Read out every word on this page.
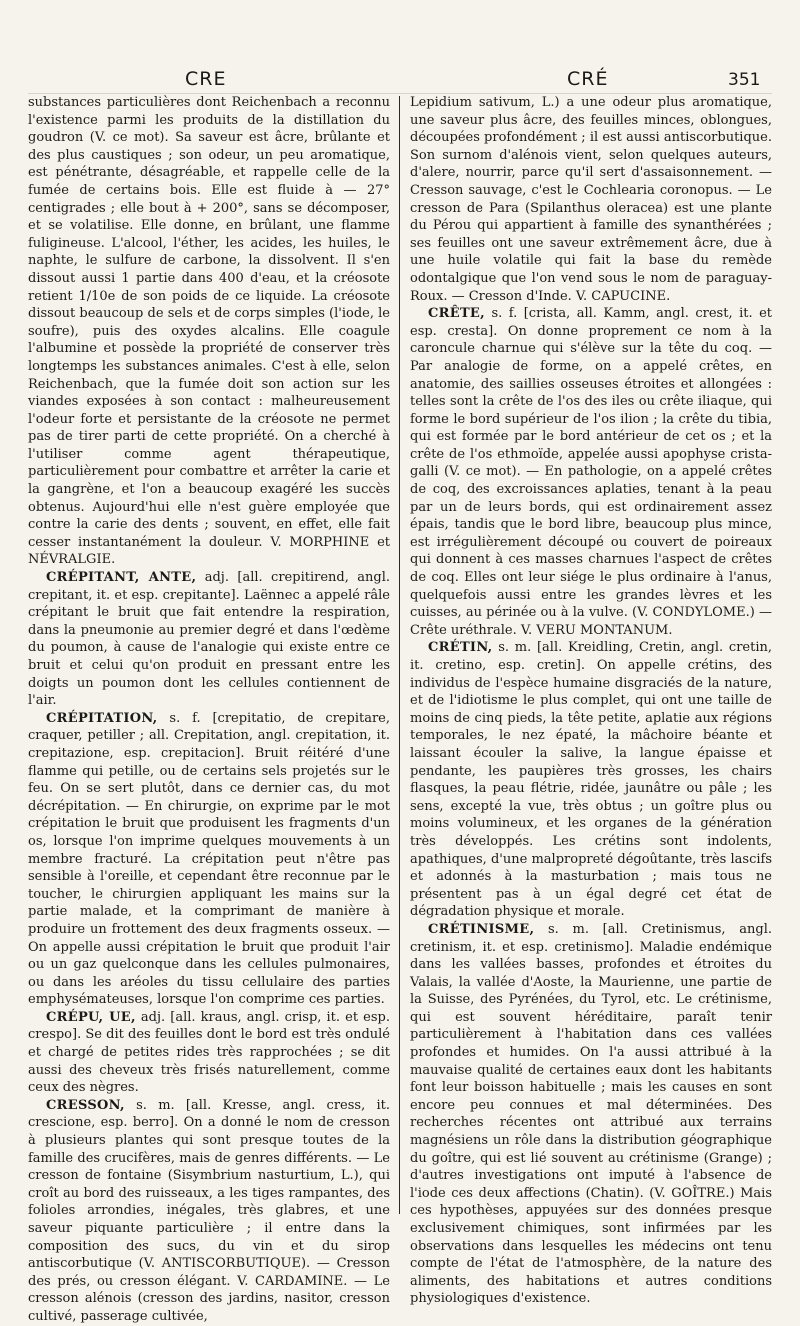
CRE	CRÉ	351

substances particulières dont Reichenbach a reconnu l'existence parmi les produits de la distillation du goudron (V. ce mot). Sa saveur est âcre, brûlante et des plus caustiques ; son odeur, un peu aromatique, est pénétrante, désagréable, et rappelle celle de la fumée de certains bois. Elle est fluide à — 27° centigrades ; elle bout à + 200°, sans se décomposer, et se volatilise. Elle donne, en brûlant, une flamme fuligineuse. L'alcool, l'éther, les acides, les huiles, le naphte, le sulfure de carbone, la dissolvent. Il s'en dissout aussi 1 partie dans 400 d'eau, et la créosote retient 1/10e de son poids de ce liquide. La créosote dissout beaucoup de sels et de corps simples (l'iode, le soufre), puis des oxydes alcalins. Elle coagule l'albumine et possède la propriété de conserver très longtemps les substances animales. C'est à elle, selon Reichenbach, que la fumée doit son action sur les viandes exposées à son contact : malheureusement l'odeur forte et persistante de la créosote ne permet pas de tirer parti de cette propriété. On a cherché à l'utiliser comme agent thérapeutique, particulièrement pour combattre et arrêter la carie et la gangrène, et l'on a beaucoup exagéré les succès obtenus. Aujourd'hui elle n'est guère employée que contre la carie des dents ; souvent, en effet, elle fait cesser instantanément la douleur. V. MORPHINE et NÉVRALGIE.

CRÉPITANT, ANTE, adj. [all. crepitirend, angl. crepitant, it. et esp. crepitante]. Laënnec a appelé râle crépitant le bruit que fait entendre la respiration, dans la pneumonie au premier degré et dans l'œdème du poumon, à cause de l'analogie qui existe entre ce bruit et celui qu'on produit en pressant entre les doigts un poumon dont les cellules contiennent de l'air.

CRÉPITATION, s. f. [crepitatio, de crepitare, craquer, petiller ; all. Crepitation, angl. crepitation, it. crepitazione, esp. crepitacion]. Bruit réitéré d'une flamme qui petille, ou de certains sels projetés sur le feu. On se sert plutôt, dans ce dernier cas, du mot décrépitation. — En chirurgie, on exprime par le mot crépitation le bruit que produisent les fragments d'un os, lorsque l'on imprime quelques mouvements à un membre fracturé. La crépitation peut n'être pas sensible à l'oreille, et cependant être reconnue par le toucher, le chirurgien appliquant les mains sur la partie malade, et la comprimant de manière à produire un frottement des deux fragments osseux. — On appelle aussi crépitation le bruit que produit l'air ou un gaz quelconque dans les cellules pulmonaires, ou dans les aréoles du tissu cellulaire des parties emphysémateuses, lorsque l'on comprime ces parties.

CRÉPU, UE, adj. [all. kraus, angl. crisp, it. et esp. crespo]. Se dit des feuilles dont le bord est très ondulé et chargé de petites rides très rapprochées ; se dit aussi des cheveux très frisés naturellement, comme ceux des nègres.

CRESSON, s. m. [all. Kresse, angl. cress, it. crescione, esp. berro]. On a donné le nom de cresson à plusieurs plantes qui sont presque toutes de la famille des crucifères, mais de genres différents. — Le cresson de fontaine (Sisymbrium nasturtium, L.), qui croît au bord des ruisseaux, a les tiges rampantes, des folioles arrondies, inégales, très glabres, et une saveur piquante particulière ; il entre dans la composition des sucs, du vin et du sirop antiscorbutique (V. ANTISCORBUTIQUE). — Cresson des prés, ou cresson élégant. V. CARDAMINE. — Le cresson alénois (cresson des jardins, nasitor, cresson cultivé, passerage cultivée,

Lepidium sativum, L.) a une odeur plus aromatique, une saveur plus âcre, des feuilles minces, oblongues, découpées profondément ; il est aussi antiscorbutique. Son surnom d'alénois vient, selon quelques auteurs, d'alere, nourrir, parce qu'il sert d'assaisonnement. — Cresson sauvage, c'est le Cochlearia coronopus. — Le cresson de Para (Spilanthus oleracea) est une plante du Pérou qui appartient à famille des synanthérées ; ses feuilles ont une saveur extrêmement âcre, due à une huile volatile qui fait la base du remède odontalgique que l'on vend sous le nom de paraguay-Roux. — Cresson d'Inde. V. CAPUCINE.

CRÊTE, s. f. [crista, all. Kamm, angl. crest, it. et esp. cresta]. On donne proprement ce nom à la caroncule charnue qui s'élève sur la tête du coq. — Par analogie de forme, on a appelé crêtes, en anatomie, des saillies osseuses étroites et allongées : telles sont la crête de l'os des iles ou crête iliaque, qui forme le bord supérieur de l'os ilion ; la crête du tibia, qui est formée par le bord antérieur de cet os ; et la crête de l'os ethmoïde, appelée aussi apophyse crista-galli (V. ce mot). — En pathologie, on a appelé crêtes de coq, des excroissances aplaties, tenant à la peau par un de leurs bords, qui est ordinairement assez épais, tandis que le bord libre, beaucoup plus mince, est irrégulièrement découpé ou couvert de poireaux qui donnent à ces masses charnues l'aspect de crêtes de coq. Elles ont leur siége le plus ordinaire à l'anus, quelquefois aussi entre les grandes lèvres et les cuisses, au périnée ou à la vulve. (V. CONDYLOME.) — Crête uréthrale. V. VERU MONTANUM.

CRÉTIN, s. m. [all. Kreidling, Cretin, angl. cretin, it. cretino, esp. cretin]. On appelle crétins, des individus de l'espèce humaine disgraciés de la nature, et de l'idiotisme le plus complet, qui ont une taille de moins de cinq pieds, la tête petite, aplatie aux régions temporales, le nez épaté, la mâchoire béante et laissant écouler la salive, la langue épaisse et pendante, les paupières très grosses, les chairs flasques, la peau flétrie, ridée, jaunâtre ou pâle ; les sens, excepté la vue, très obtus ; un goître plus ou moins volumineux, et les organes de la génération très développés. Les crétins sont indolents, apathiques, d'une malpropreté dégoûtante, très lascifs et adonnés à la masturbation ; mais tous ne présentent pas à un égal degré cet état de dégradation physique et morale.

CRÉTINISME, s. m. [all. Cretinismus, angl. cretinism, it. et esp. cretinismo]. Maladie endémique dans les vallées basses, profondes et étroites du Valais, la vallée d'Aoste, la Maurienne, une partie de la Suisse, des Pyrénées, du Tyrol, etc. Le crétinisme, qui est souvent héréditaire, paraît tenir particulièrement à l'habitation dans ces vallées profondes et humides. On l'a aussi attribué à la mauvaise qualité de certaines eaux dont les habitants font leur boisson habituelle ; mais les causes en sont encore peu connues et mal déterminées. Des recherches récentes ont attribué aux terrains magnésiens un rôle dans la distribution géographique du goître, qui est lié souvent au crétinisme (Grange) ; d'autres investigations ont imputé à l'absence de l'iode ces deux affections (Chatin). (V. GOÎTRE.) Mais ces hypothèses, appuyées sur des données presque exclusivement chimiques, sont infirmées par les observations dans lesquelles les médecins ont tenu compte de l'état de l'atmosphère, de la nature des aliments, des habitations et autres conditions physiologiques d'existence.
